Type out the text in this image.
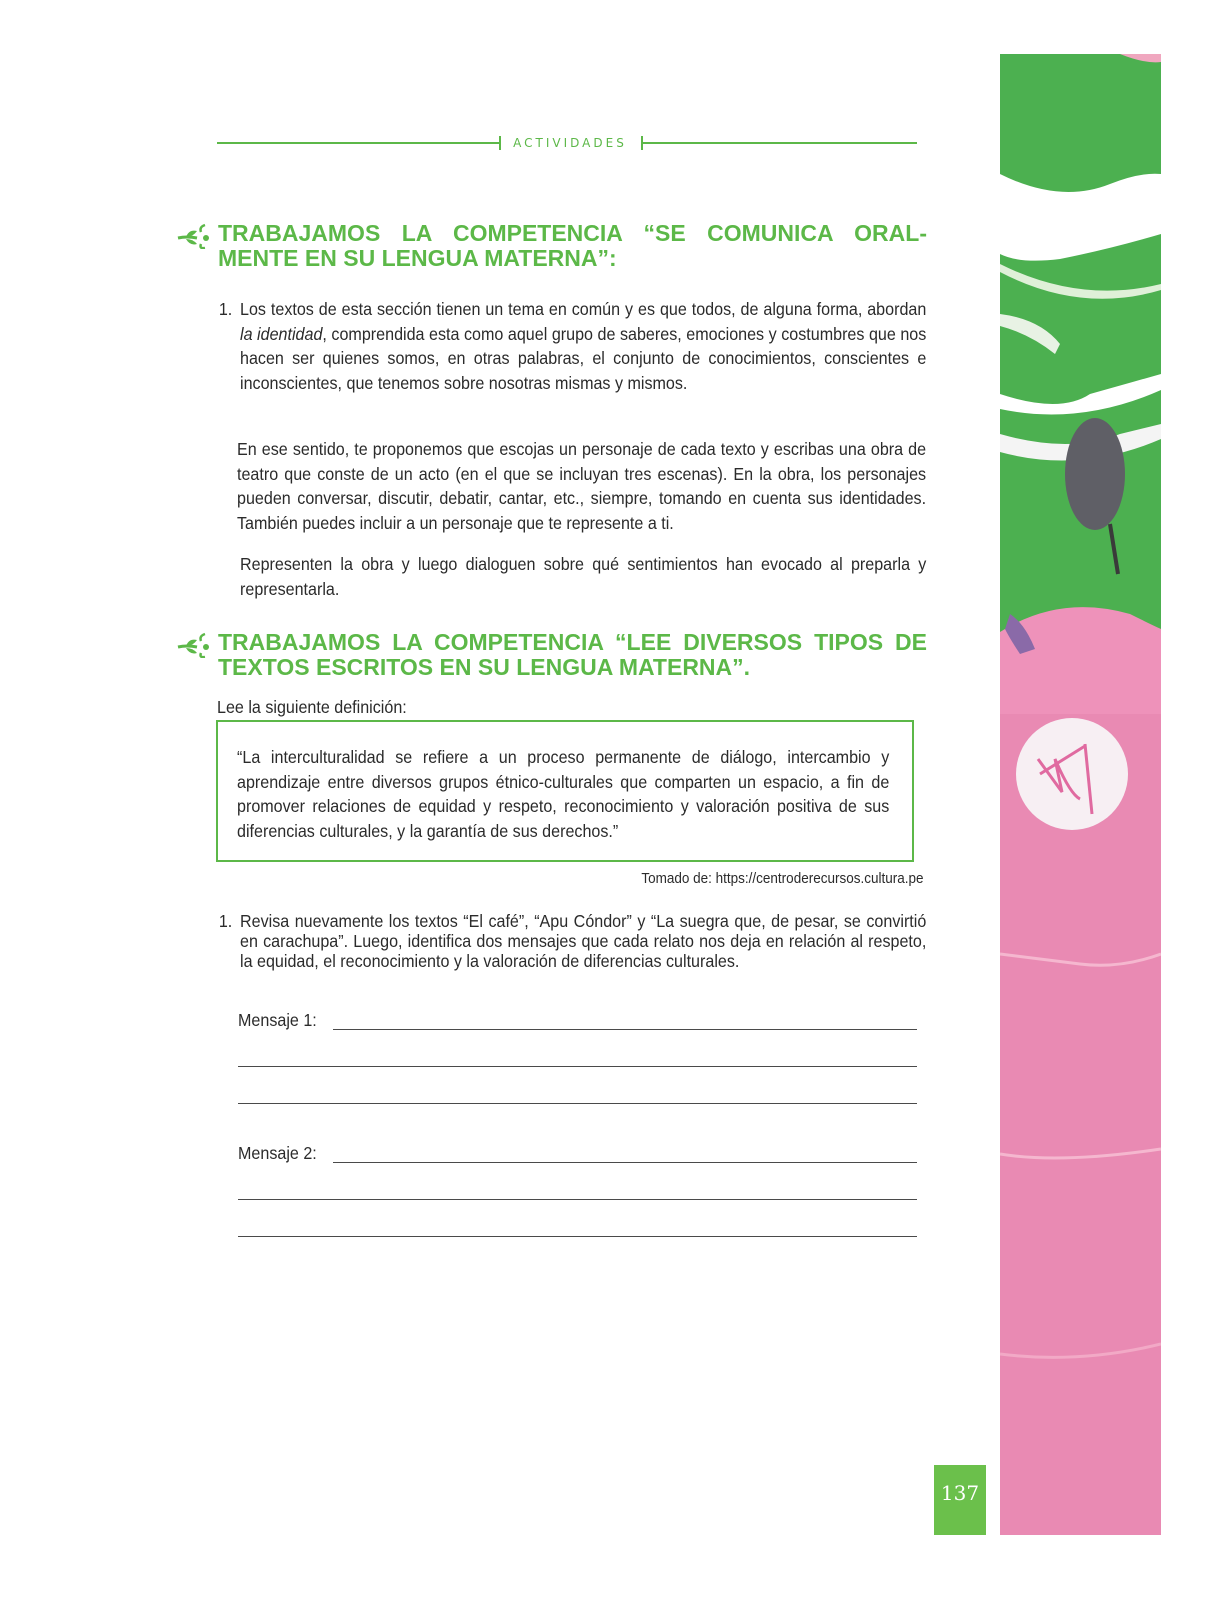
ACTIVIDADES
TRABAJAMOS LA COMPETENCIA “SE COMUNICA ORAL-MENTE EN SU LENGUA MATERNA”:
1. Los textos de esta sección tienen un tema en común y es que todos, de alguna forma, abordan la identidad, comprendida esta como aquel grupo de saberes, emociones y costumbres que nos hacen ser quienes somos, en otras palabras, el conjunto de conocimientos, conscientes e inconscientes, que tenemos sobre nosotras mismas y mismos.
En ese sentido, te proponemos que escojas un personaje de cada texto y escribas una obra de teatro que conste de un acto (en el que se incluyan tres escenas). En la obra, los personajes pueden conversar, discutir, debatir, cantar, etc., siempre, tomando en cuenta sus identidades. También puedes incluir a un personaje que te represente a ti.
Representen la obra y luego dialoguen sobre qué sentimientos han evocado al preparla y representarla.
TRABAJAMOS LA COMPETENCIA “LEE DIVERSOS TIPOS DE TEXTOS ESCRITOS EN SU LENGUA MATERNA”.
Lee la siguiente definición:
“La interculturalidad se refiere a un proceso permanente de diálogo, intercambio y aprendizaje entre diversos grupos étnico-culturales que comparten un espacio, a fin de promover relaciones de equidad y respeto, reconocimiento y valoración positiva de sus diferencias culturales, y la garantía de sus derechos.”
Tomado de: https://centroderecursos.cultura.pe
1. Revisa nuevamente los textos “El café”, “Apu Cóndor” y “La suegra que, de pesar, se convirtió en carachupa”. Luego, identifica dos mensajes que cada relato nos deja en relación al respeto, la equidad, el reconocimiento y la valoración de diferencias culturales.
Mensaje 1:
Mensaje 2:
137
